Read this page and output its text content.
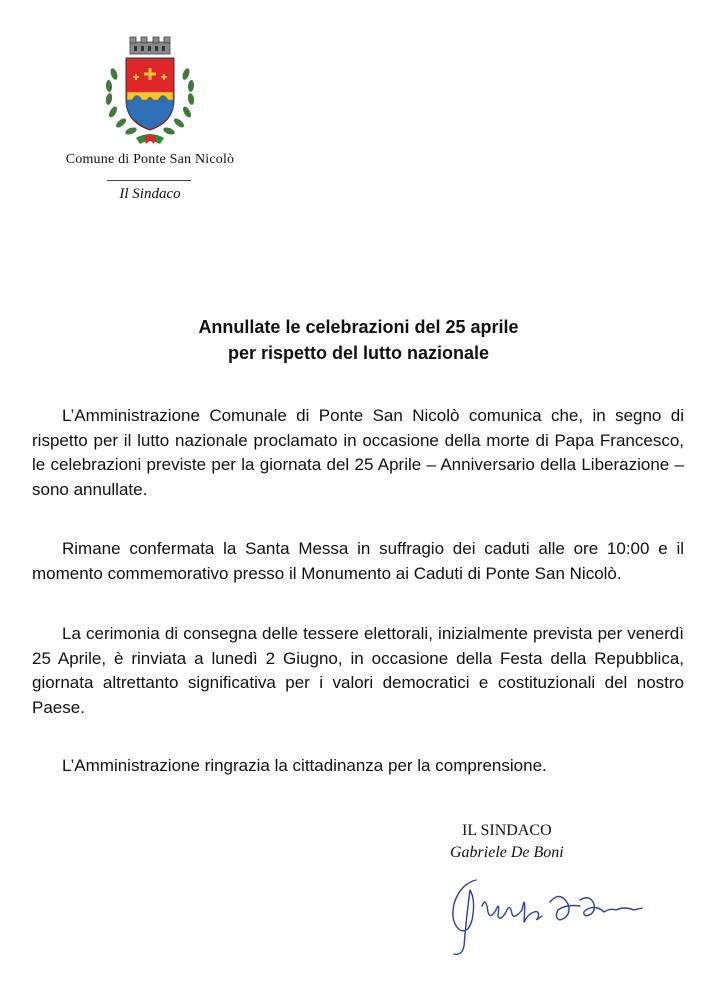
Comune di Ponte San Nicolò
Il Sindaco
Annullate le celebrazioni del 25 aprile
per rispetto del lutto nazionale

L’Amministrazione Comunale di Ponte San Nicolò comunica che, in segno di rispetto per il lutto nazionale proclamato in occasione della morte di Papa Francesco, le celebrazioni previste per la giornata del 25 Aprile – Anniversario della Liberazione – sono annullate.

Rimane confermata la Santa Messa in suffragio dei caduti alle ore 10:00 e il momento commemorativo presso il Monumento ai Caduti di Ponte San Nicolò.

La cerimonia di consegna delle tessere elettorali, inizialmente prevista per venerdì 25 Aprile, è rinviata a lunedì 2 Giugno, in occasione della Festa della Repubblica, giornata altrettanto significativa per i valori democratici e costituzionali del nostro Paese.

L’Amministrazione ringrazia la cittadinanza per la comprensione.

IL SINDACO
Gabriele De Boni
